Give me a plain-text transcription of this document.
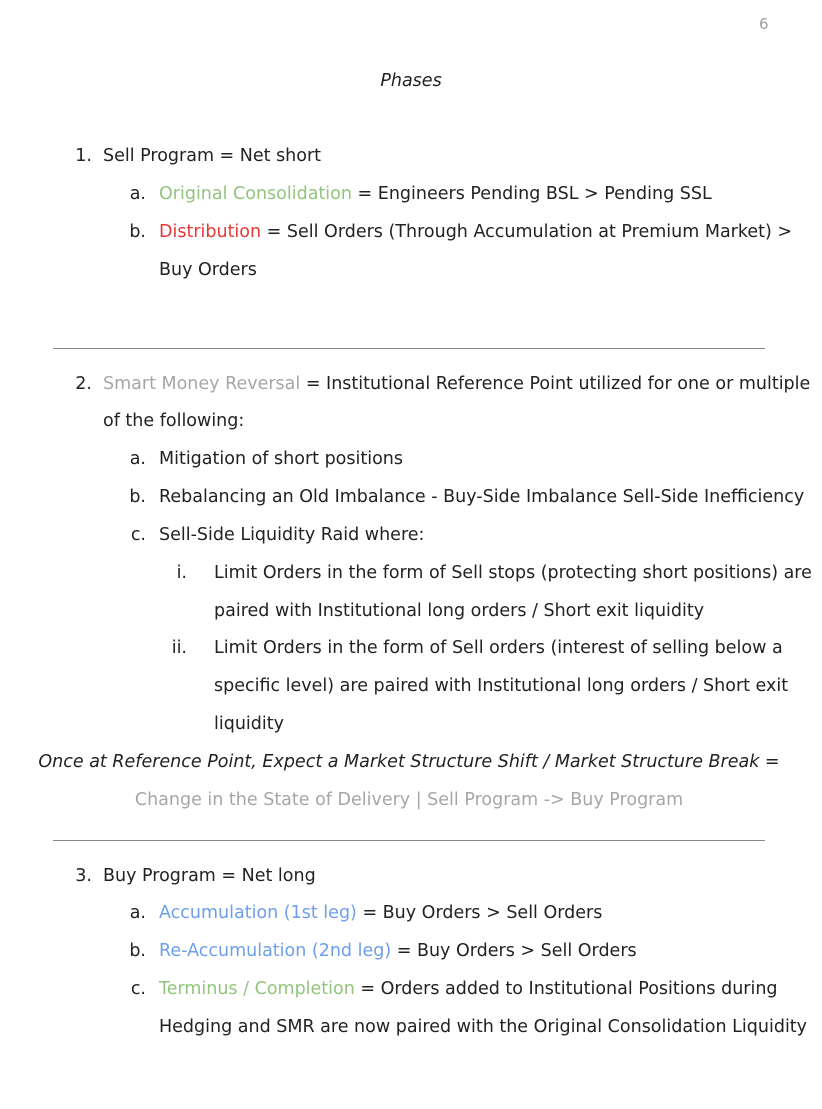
6
Phases
1. Sell Program = Net short
a. Original Consolidation = Engineers Pending BSL > Pending SSL
b. Distribution = Sell Orders (Through Accumulation at Premium Market) >
Buy Orders
2. Smart Money Reversal = Institutional Reference Point utilized for one or multiple
of the following:
a. Mitigation of short positions
b. Rebalancing an Old Imbalance - Buy-Side Imbalance Sell-Side Inefficiency
c. Sell-Side Liquidity Raid where:
i. Limit Orders in the form of Sell stops (protecting short positions) are
paired with Institutional long orders / Short exit liquidity
ii. Limit Orders in the form of Sell orders (interest of selling below a
specific level) are paired with Institutional long orders / Short exit
liquidity
Once at Reference Point, Expect a Market Structure Shift / Market Structure Break =
Change in the State of Delivery | Sell Program -> Buy Program
3. Buy Program = Net long
a. Accumulation (1st leg) = Buy Orders > Sell Orders
b. Re-Accumulation (2nd leg) = Buy Orders > Sell Orders
c. Terminus / Completion = Orders added to Institutional Positions during
Hedging and SMR are now paired with the Original Consolidation Liquidity
